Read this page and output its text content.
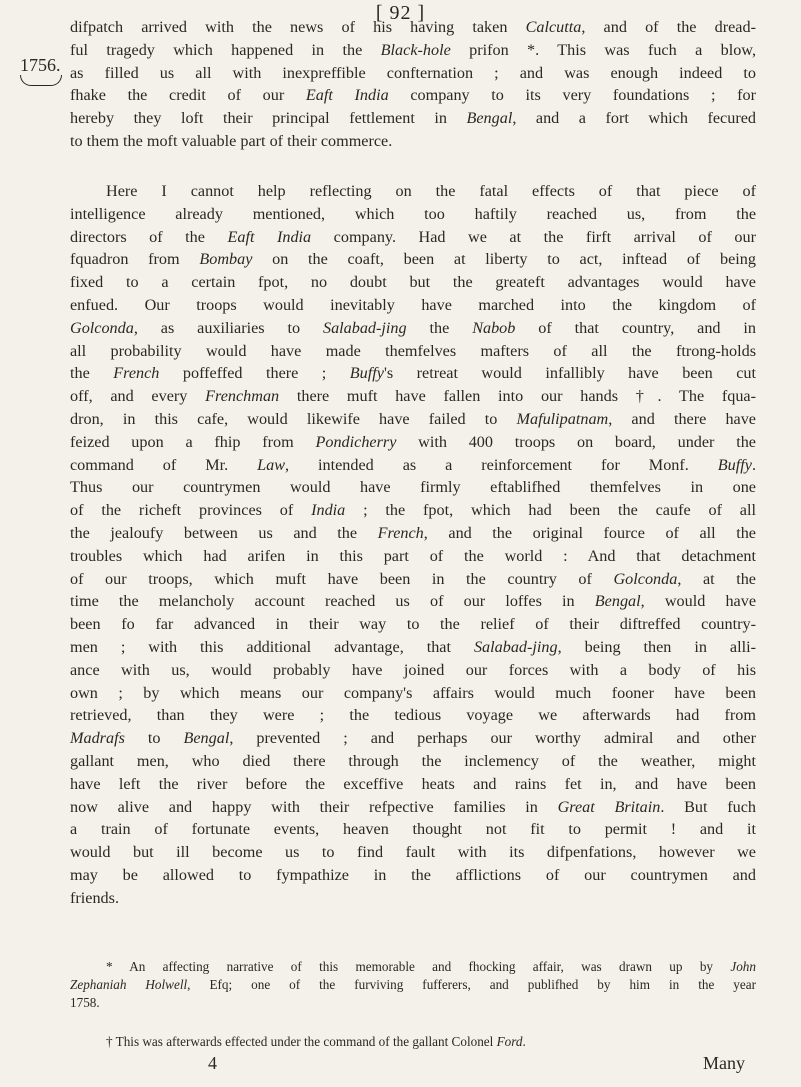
[ 92 ]
1756.
difpatch arrived with the news of his having taken Calcutta, and of the dread-
ful tragedy which happened in the Black-hole prifon *. This was fuch a blow,
as filled us all with inexpreffible confternation ; and was enough indeed to
fhake the credit of our Eaft India company to its very foundations ; for
hereby they loft their principal fettlement in Bengal, and a fort which fecured
to them the moft valuable part of their commerce.
Here I cannot help reflecting on the fatal effects of that piece of
intelligence already mentioned, which too haftily reached us, from the
directors of the Eaft India company. Had we at the firft arrival of our
fquadron from Bombay on the coaft, been at liberty to act, inftead of being
fixed to a certain fpot, no doubt but the greateft advantages would have
enfued. Our troops would inevitably have marched into the kingdom of
Golconda, as auxiliaries to Salabad-jing the Nabob of that country, and in
all probability would have made themfelves mafters of all the ftrong-holds
the French poffeffed there ; Buffy's retreat would infallibly have been cut
off, and every Frenchman there muft have fallen into our hands †. The fqua-
dron, in this cafe, would likewife have failed to Mafulipatnam, and there have
feized upon a fhip from Pondicherry with 400 troops on board, under the
command of Mr. Law, intended as a reinforcement for Monf. Buffy.
Thus our countrymen would have firmly eftablifhed themfelves in one
of the richeft provinces of India ; the fpot, which had been the caufe of all
the jealoufy between us and the French, and the original fource of all the
troubles which had arifen in this part of the world : And that detachment
of our troops, which muft have been in the country of Golconda, at the
time the melancholy account reached us of our loffes in Bengal, would have
been fo far advanced in their way to the relief of their diftreffed country-
men ; with this additional advantage, that Salabad-jing, being then in alli-
ance with us, would probably have joined our forces with a body of his
own ; by which means our company's affairs would much fooner have been
retrieved, than they were ; the tedious voyage we afterwards had from
Madrafs to Bengal, prevented ; and perhaps our worthy admiral and other
gallant men, who died there through the inclemency of the weather, might
have left the river before the exceffive heats and rains fet in, and have been
now alive and happy with their refpective families in Great Britain. But fuch
a train of fortunate events, heaven thought not fit to permit ! and it
would but ill become us to find fault with its difpenfations, however we
may be allowed to fympathize in the afflictions of our countrymen and
friends.
* An affecting narrative of this memorable and fhocking affair, was drawn up by John
Zephaniah Holwell, Efq; one of the furviving fufferers, and publifhed by him in the year
1758.
† This was afterwards effected under the command of the gallant Colonel Ford.
4	Many
